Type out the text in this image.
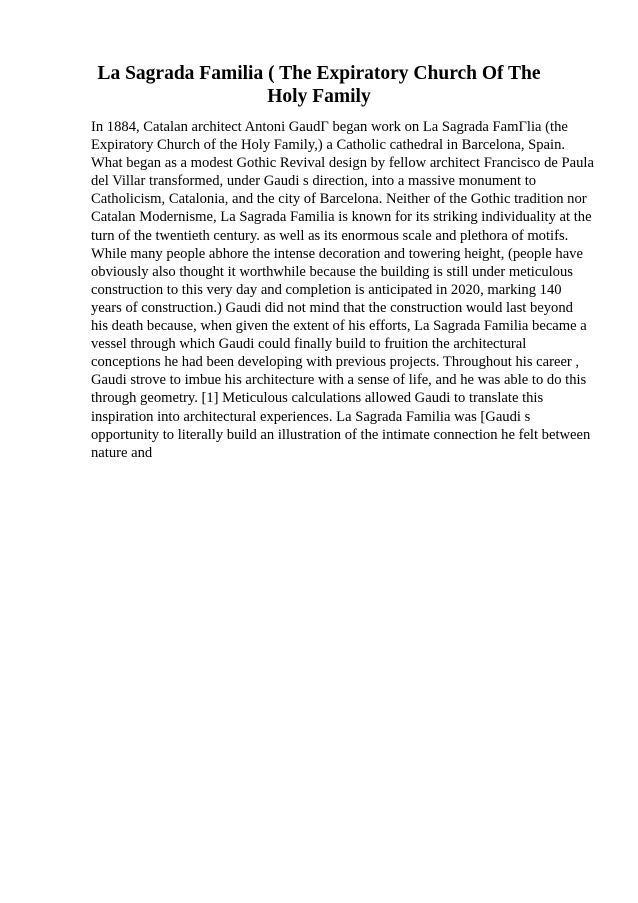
La Sagrada Familia ( The Expiratory Church Of The Holy Family
In 1884, Catalan architect Antoni GaudГ began work on La Sagrada FamГlia (the
Expiratory Church of the Holy Family,) a Catholic cathedral in Barcelona, Spain.
What began as a modest Gothic Revival design by fellow architect Francisco de Paula
del Villar transformed, under Gaudi s direction, into a massive monument to
Catholicism, Catalonia, and the city of Barcelona. Neither of the Gothic tradition nor
Catalan Modernisme, La Sagrada Familia is known for its striking individuality at the
turn of the twentieth century. as well as its enormous scale and plethora of motifs.
While many people abhore the intense decoration and towering height, (people have
obviously also thought it worthwhile because the building is still under meticulous
construction to this very day and completion is anticipated in 2020, marking 140
years of construction.) Gaudi did not mind that the construction would last beyond
his death because, when given the extent of his efforts, La Sagrada Familia became a
vessel through which Gaudi could finally build to fruition the architectural
conceptions he had been developing with previous projects. Throughout his career ,
Gaudi strove to imbue his architecture with a sense of life, and he was able to do this
through geometry. [1] Meticulous calculations allowed Gaudi to translate this
inspiration into architectural experiences. La Sagrada Familia was [Gaudi s
opportunity to literally build an illustration of the intimate connection he felt between
nature and
